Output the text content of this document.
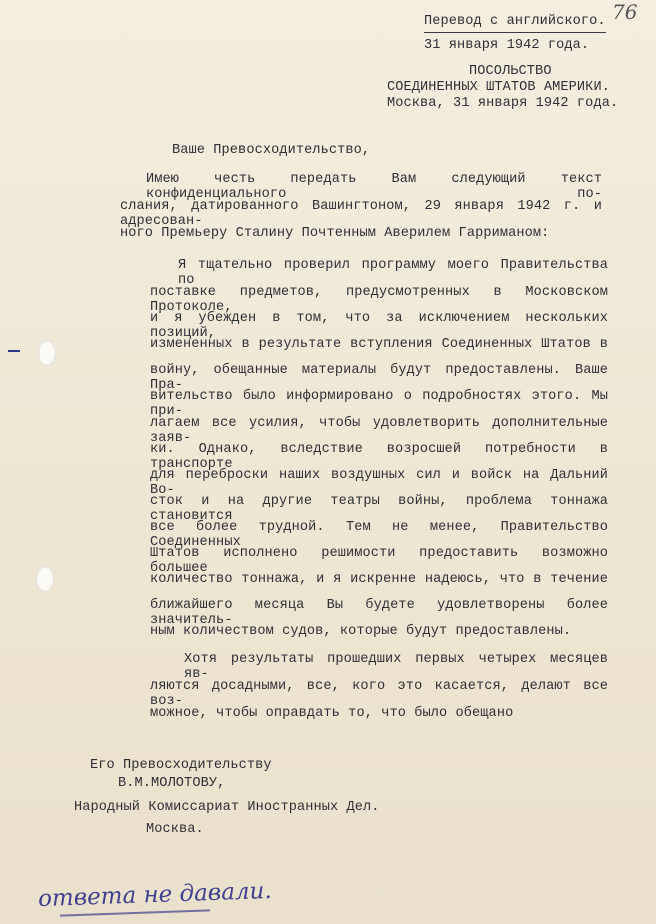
76
Перевод с английского.
31 января 1942 года.
ПОСОЛЬСТВО
СОЕДИНЕННЫХ ШТАТОВ АМЕРИКИ.
Москва, 31 января 1942 года.
Ваше Превосходительство,
Имею честь передать Вам следующий текст конфиденциального по-
слания, датированного Вашингтоном, 29 января 1942 г. и адресован-
ного Премьеру Сталину Почтенным Аверилем Гарриманом:
Я тщательно проверил программу моего Правительства по
поставке предметов, предусмотренных в Московском Протоколе,
и я убежден в том, что за исключением нескольких позиций,
измененных в результате вступления Соединенных Штатов в
войну, обещанные материалы будут предоставлены. Ваше Пра-
вительство было информировано о подробностях этого. Мы при-
лагаем все усилия, чтобы удовлетворить дополнительные заяв-
ки. Однако, вследствие возросшей потребности в транспорте
для переброски наших воздушных сил и войск на Дальний Во-
сток и на другие театры войны, проблема тоннажа становится
все более трудной. Тем не менее, Правительство Соединенных
Штатов исполнено решимости предоставить возможно большее
количество тоннажа, и я искренне надеюсь, что в течение
ближайшего месяца Вы будете удовлетворены более значитель-
ным количеством судов, которые будут предоставлены.
Хотя результаты прошедших первых четырех месяцев яв-
ляются досадными, все, кого это касается, делают все воз-
можное, чтобы оправдать то, что было обещано
Его Превосходительству
В.М.МОЛОТОВУ,
Народный Комиссариат Иностранных Дел.
Москва.
ответа не давали.
